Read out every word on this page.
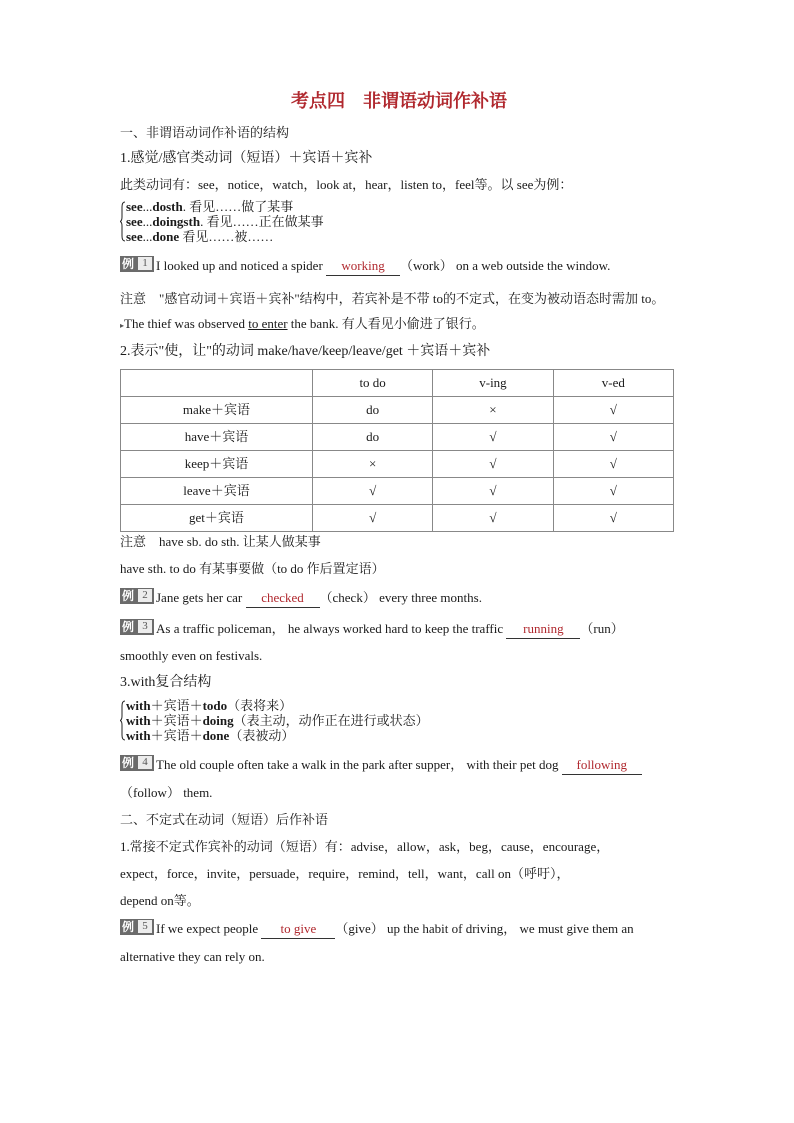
考点四　非谓语动词作补语
一、非谓语动词作补语的结构
1.感觉/感官类动词（短语）＋宾语＋宾补
此类动词有：see，notice，watch，look at，hear，listen to，feel等。以 see为例：
see...dosth. 看见……做了某事
see...doingsth. 看见……正在做某事
see...done 看见……被……
例 1 I looked up and noticed a spider working （work） on a web outside the window.
注意　"感官动词＋宾语＋宾补"结构中，若宾补是不带 to的不定式，在变为被动语态时需加 to。
▸The thief was observed to enter the bank. 有人看见小偷进了银行。
2.表示"使，让"的动词 make/have/keep/leave/get ＋宾语＋宾补
	to do	v-ing	v-ed
make＋宾语	do	×	√
have＋宾语	do	√	√
keep＋宾语	×	√	√
leave＋宾语	√	√	√
get＋宾语	√	√	√
注意　have sb. do sth. 让某人做某事
have sth. to do 有某事要做（to do 作后置定语）
例 2 Jane gets her car checked （check） every three months.
例 3 As a traffic policeman， he always worked hard to keep the traffic running （run）
smoothly even on festivals.
3.with复合结构
with＋宾语＋todo（表将来）
with＋宾语＋doing（表主动，动作正在进行或状态）
with＋宾语＋done（表被动）
例 4 The old couple often take a walk in the park after supper， with their pet dog following
（follow） them.
二、不定式在动词（短语）后作补语
1.常接不定式作宾补的动词（短语）有：advise，allow，ask，beg，cause，encourage，
expect，force，invite，persuade，require，remind，tell，want，call on（呼吁），
depend on等。
例 5 If we expect people to give （give） up the habit of driving， we must give them an
alternative they can rely on.
